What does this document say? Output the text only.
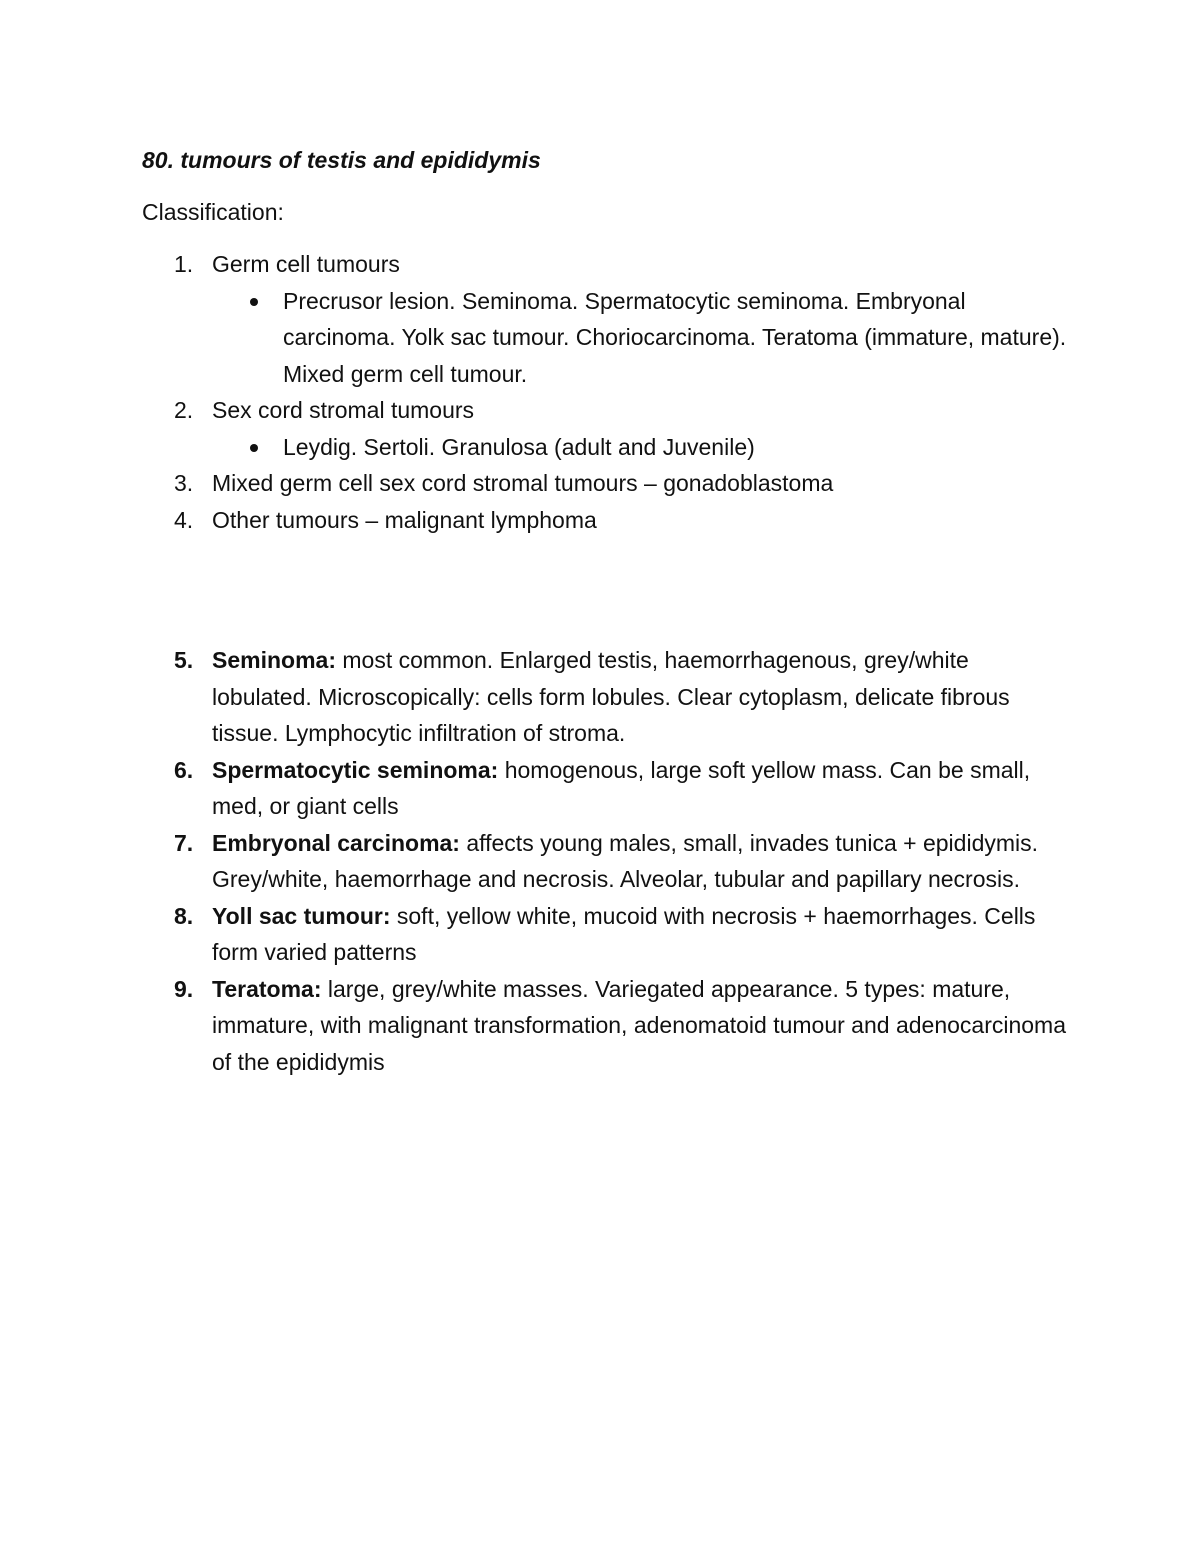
80. tumours of testis and epididymis

Classification:

1. Germ cell tumours
Precrusor lesion. Seminoma. Spermatocytic seminoma. Embryonal carcinoma. Yolk sac tumour. Choriocarcinoma. Teratoma (immature, mature). Mixed germ cell tumour.
2. Sex cord stromal tumours
Leydig. Sertoli. Granulosa (adult and Juvenile)
3. Mixed germ cell sex cord stromal tumours – gonadoblastoma
4. Other tumours – malignant lymphoma
5. Seminoma: most common. Enlarged testis, haemorrhagenous, grey/white lobulated. Microscopically: cells form lobules. Clear cytoplasm, delicate fibrous tissue. Lymphocytic infiltration of stroma.
6. Spermatocytic seminoma: homogenous, large soft yellow mass. Can be small, med, or giant cells
7. Embryonal carcinoma: affects young males, small, invades tunica + epididymis. Grey/white, haemorrhage and necrosis. Alveolar, tubular and papillary necrosis.
8. Yoll sac tumour: soft, yellow white, mucoid with necrosis + haemorrhages. Cells form varied patterns
9. Teratoma: large, grey/white masses. Variegated appearance. 5 types: mature, immature, with malignant transformation, adenomatoid tumour and adenocarcinoma of the epididymis
